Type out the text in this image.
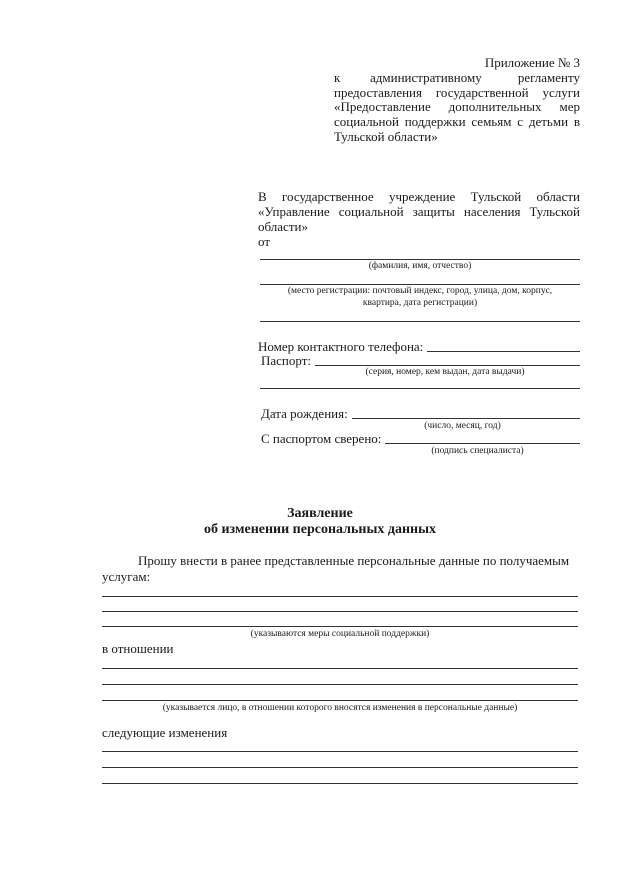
Приложение № 3
к административному регламенту
предоставления государственной услуги
«Предоставление дополнительных мер
социальной поддержки семьям с детьми в
Тульской области»
В государственное учреждение Тульской области
«Управление социальной защиты населения Тульской
области»
от
(фамилия, имя, отчество)
(место регистрации: почтовый индекс, город, улица, дом, корпус,
квартира, дата регистрации)
Номер контактного телефона:
Паспорт:
(серия, номер, кем выдан, дата выдачи)
Дата рождения:
(число, месяц, год)
С паспортом сверено:
(подпись специалиста)
Заявление
об изменении персональных данных
Прошу внести в ранее представленные персональные данные по получаемым
услугам:
(указываются меры социальной поддержки)
в отношении
(указывается лицо, в отношении которого вносятся изменения в персональные данные)
следующие изменения
